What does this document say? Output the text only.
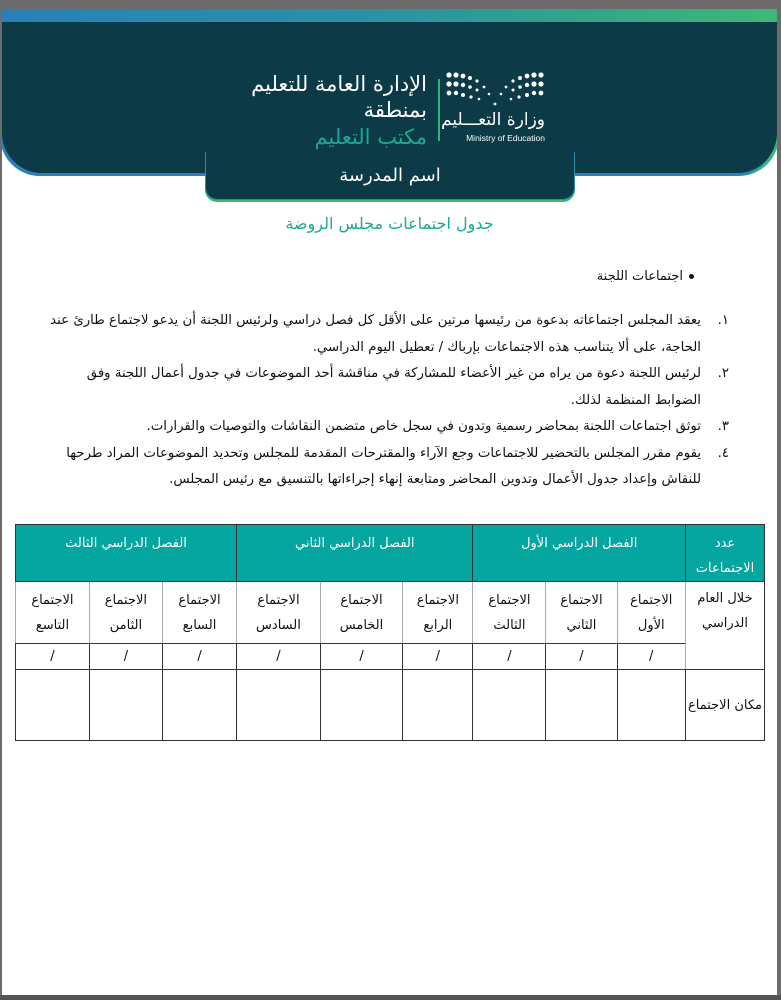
وزارة التعـــليم
Ministry of Education
الإدارة العامة للتعليم
بمنطقة
مكتب التعليم
اسم المدرسة
جدول اجتماعات مجلس الروضة
اجتماعات اللجنة
١.
يعقد المجلس اجتماعاته بدعوة من رئيسها مرتين على الأقل كل فصل دراسي ولرئيس اللجنة أن يدعو لاجتماع طارئ عند الحاجة، على ألا يتناسب هذه الاجتماعات بإرباك / تعطيل اليوم الدراسي.
٢.
لرئيس اللجنة دعوة من يراه من غير الأعضاء للمشاركة في مناقشة أحد الموضوعات في جدول أعمال اللجنة وفق الضوابط المنظمة لذلك.
٣.
توثق اجتماعات اللجنة بمحاضر رسمية وتدون في سجل خاص متضمن النقاشات والتوصيات والقرارات.
٤.
يقوم مقرر المجلس بالتحضير للاجتماعات وجع الآراء والمقترحات المقدمة للمجلس وتحديد الموضوعات المراد طرحها للنقاش وإعداد جدول الأعمال وتدوين المحاضر ومتابعة إنهاء إجراءاتها بالتنسيق مع رئيس المجلس.
عدد الاجتماعات	الفصل الدراسي الأول			الفصل الدراسي الثاني			الفصل الدراسي الثالث		
خلال العام الدراسي	الاجتماع الأول	الاجتماع الثاني	الاجتماع الثالث	الاجتماع الرابع	الاجتماع الخامس	الاجتماع السادس	الاجتماع السابع	الاجتماع الثامن	الاجتماع التاسع
	/	/	/	/	/	/	/	/	/
مكان الاجتماع									
